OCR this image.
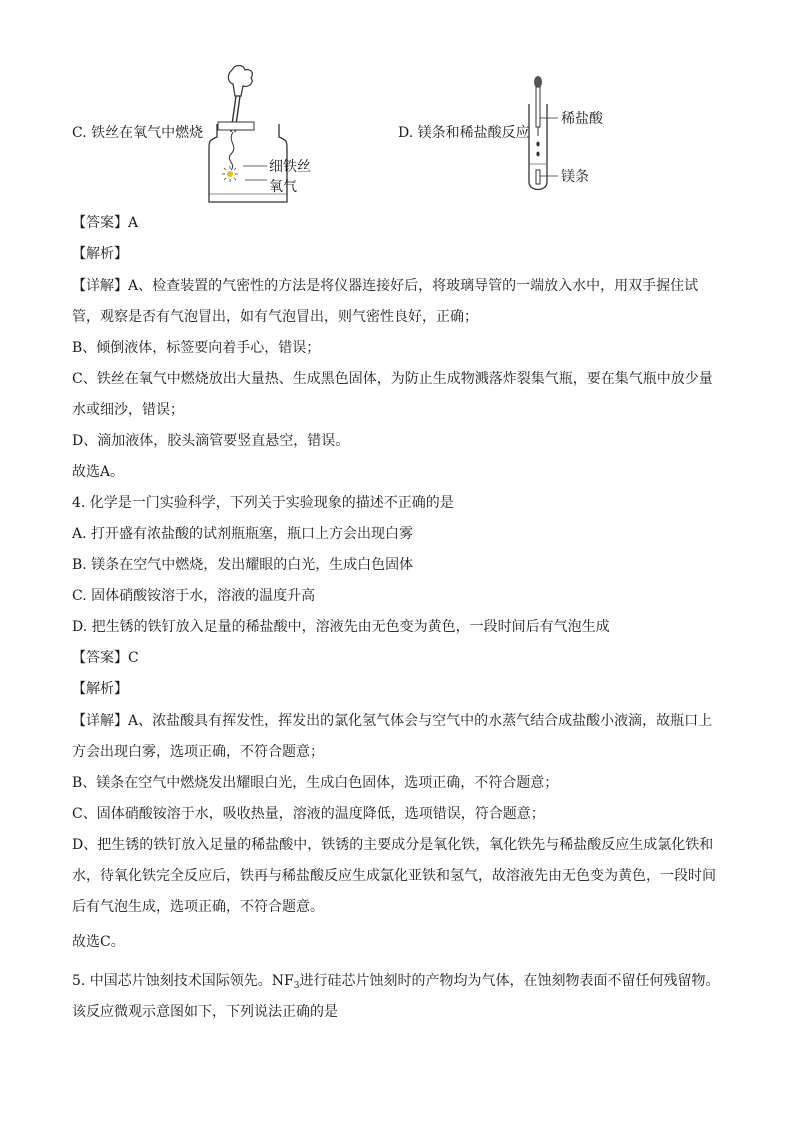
C. 铁丝在氧气中燃烧
细铁丝
氧气
D. 镁条和稀盐酸反应
稀盐酸
镁条
【答案】A
【解析】
【详解】A、检查装置的气密性的方法是将仪器连接好后，将玻璃导管的一端放入水中，用双手握住试
管，观察是否有气泡冒出，如有气泡冒出，则气密性良好，正确；
B、倾倒液体，标签要向着手心，错误；
C、铁丝在氧气中燃烧放出大量热、生成黑色固体，为防止生成物溅落炸裂集气瓶，要在集气瓶中放少量
水或细沙，错误；
D、滴加液体，胶头滴管要竖直悬空，错误。
故选A。
4. 化学是一门实验科学，下列关于实验现象的描述不正确的是
A. 打开盛有浓盐酸的试剂瓶瓶塞，瓶口上方会出现白雾
B. 镁条在空气中燃烧，发出耀眼的白光，生成白色固体
C. 固体硝酸铵溶于水，溶液的温度升高
D. 把生锈的铁钉放入足量的稀盐酸中，溶液先由无色变为黄色，一段时间后有气泡生成
【答案】C
【解析】
【详解】A、浓盐酸具有挥发性，挥发出的氯化氢气体会与空气中的水蒸气结合成盐酸小液滴，故瓶口上
方会出现白雾，选项正确，不符合题意；
B、镁条在空气中燃烧发出耀眼白光，生成白色固体，选项正确，不符合题意；
C、固体硝酸铵溶于水，吸收热量，溶液的温度降低，选项错误，符合题意；
D、把生锈的铁钉放入足量的稀盐酸中，铁锈的主要成分是氧化铁，氧化铁先与稀盐酸反应生成氯化铁和
水，待氧化铁完全反应后，铁再与稀盐酸反应生成氯化亚铁和氢气，故溶液先由无色变为黄色，一段时间
后有气泡生成，选项正确，不符合题意。
故选C。
5. 中国芯片蚀刻技术国际领先。$NF_3$进行硅芯片蚀刻时的产物均为气体，在蚀刻物表面不留任何残留物。
该反应微观示意图如下，下列说法正确的是
